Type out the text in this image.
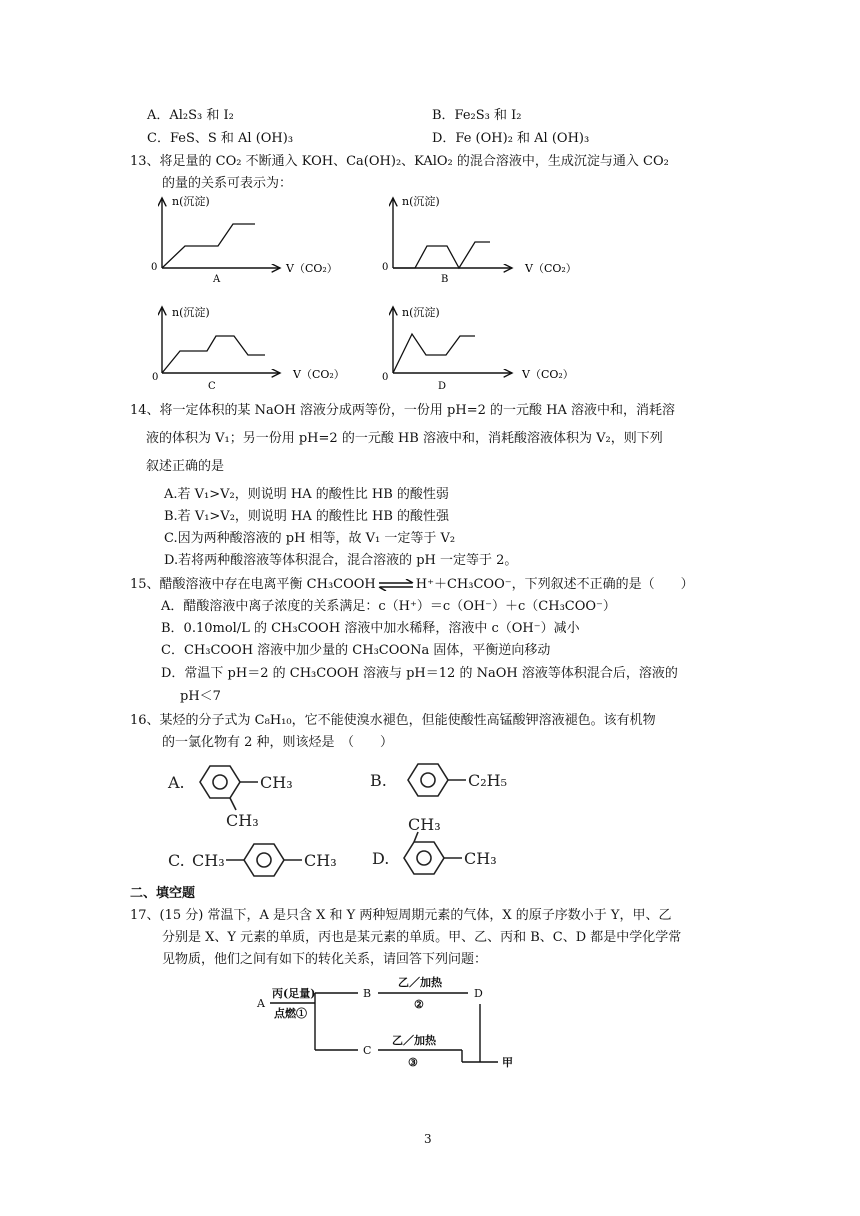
A．Al₂S₃ 和 I₂	B．Fe₂S₃ 和 I₂
C．FeS、S 和 Al (OH)₃	D．Fe (OH)₂ 和 Al (OH)₃
13、将足量的 CO₂ 不断通入 KOH、Ca(OH)₂、KAlO₂ 的混合溶液中，生成沉淀与通入 CO₂
的量的关系可表示为：
n(沉淀)
V（CO₂）
0
A
n(沉淀)
V（CO₂）
0
B
n(沉淀)
V（CO₂）
0
C
n(沉淀)
V（CO₂）
0
D
14、将一定体积的某 NaOH 溶液分成两等份，一份用 pH=2 的一元酸 HA 溶液中和，消耗溶
液的体积为 V₁；另一份用 pH=2 的一元酸 HB 溶液中和，消耗酸溶液体积为 V₂，则下列
叙述正确的是
A.若 V₁>V₂，则说明 HA 的酸性比 HB 的酸性弱
B.若 V₁>V₂，则说明 HA 的酸性比 HB 的酸性强
C.因为两种酸溶液的 pH 相等，故 V₁ 一定等于 V₂
D.若将两种酸溶液等体积混合，混合溶液的 pH 一定等于 2。
15、醋酸溶液中存在电离平衡 CH₃COOH⇌H⁺＋CH₃COO⁻，下列叙述不正确的是（　　）
A．醋酸溶液中离子浓度的关系满足：c（H⁺）＝c（OH⁻）＋c（CH₃COO⁻）
B．0.10mol/L 的 CH₃COOH 溶液中加水稀释，溶液中 c（OH⁻）减小
C．CH₃COOH 溶液中加少量的 CH₃COONa 固体，平衡逆向移动
D．常温下 pH＝2 的 CH₃COOH 溶液与 pH＝12 的 NaOH 溶液等体积混合后，溶液的
pH＜7
16、某烃的分子式为 C₈H₁₀，它不能使溴水褪色，但能使酸性高锰酸钾溶液褪色。该有机物
的一氯化物有 2 种，则该烃是　（　　）
A.	CH₃
CH₃
B.	C₂H₅
C. CH₃	CH₃ D.
CH₃
CH₃
二、填空题
17、(15 分) 常温下，A 是只含 X 和 Y 两种短周期元素的气体，X 的原子序数小于 Y，甲、乙
分别是 X、Y 元素的单质，丙也是某元素的单质。甲、乙、丙和 B、C、D 都是中学化学常
见物质，他们之间有如下的转化关系，请回答下列问题：
A
丙(足量)
点燃①
B
C
D
乙／加热
②
乙／加热
③	甲
3
